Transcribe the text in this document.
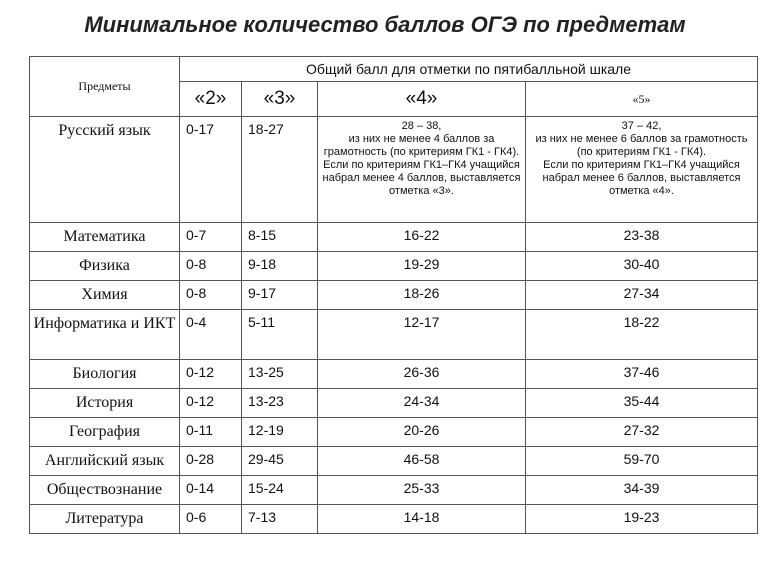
Минимальное количество баллов ОГЭ по предметам
Предметы	Общий балл для отметки по пятибалльной шкале			
	«2»	«3»	«4»	«5»
Русский язык	0-17	18-27	28 – 38,
из них не менее 4 баллов за грамотность (по критериям ГК1 - ГК4).
Если по критериям ГК1–ГК4 учащийся набрал менее 4 баллов, выставляется отметка «3».	37 – 42,
из них не менее 6 баллов за грамотность (по критериям ГК1 - ГК4).
Если по критериям ГК1–ГК4 учащийся набрал менее 6 баллов, выставляется отметка «4».
Математика	0-7	8-15	16-22	23-38
Физика	0-8	9-18	19-29	30-40
Химия	0-8	9-17	18-26	27-34
Информатика и ИКТ	0-4	5-11	12-17	18-22
Биология	0-12	13-25	26-36	37-46
История	0-12	13-23	24-34	35-44
География	0-11	12-19	20-26	27-32
Английский язык	0-28	29-45	46-58	59-70
Обществознание	0-14	15-24	25-33	34-39
Литература	0-6	7-13	14-18	19-23
